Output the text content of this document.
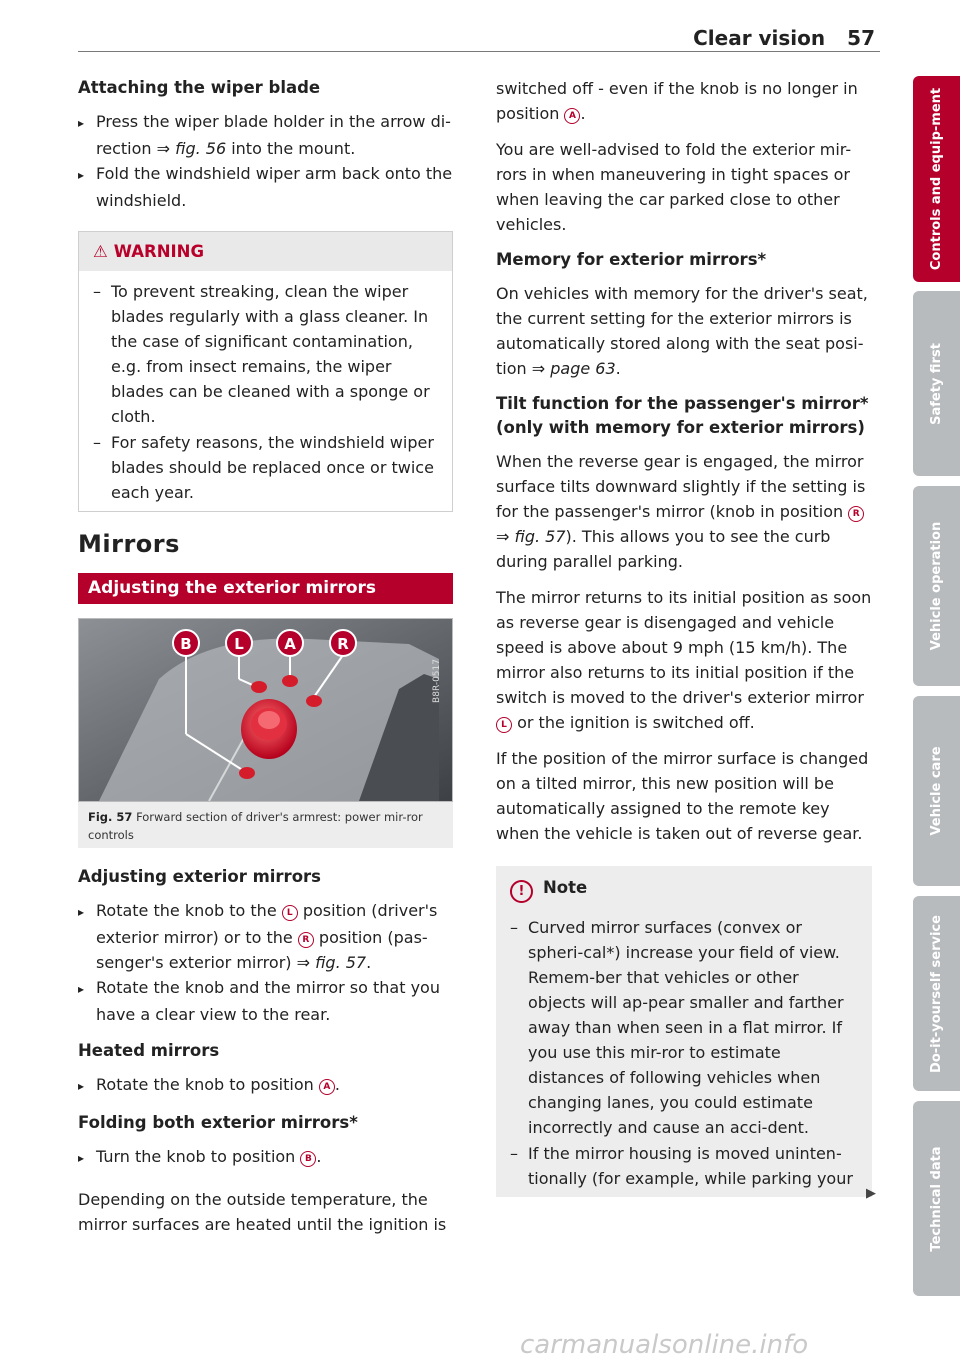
Clear vision 57
Attaching the wiper blade

▸ Press the wiper blade holder in the arrow di-rection ⇒ fig. 56 into the mount.

▸ Fold the windshield wiper arm back onto the windshield.

⚠ WARNING

– To prevent streaking, clean the wiper blades regularly with a glass cleaner. In the case of significant contamination, e.g. from insect remains, the wiper blades can be cleaned with a sponge or cloth.

– For safety reasons, the windshield wiper blades should be replaced once or twice each year.

Mirrors
Adjusting the exterior mirrors
B	L	A	R
B8R-0517
Fig. 57 Forward section of driver's armrest: power mir-ror controls
Adjusting exterior mirrors

▸ Rotate the knob to the L position (driver's exterior mirror) or to the R position (pas-senger's exterior mirror) ⇒ fig. 57.

▸ Rotate the knob and the mirror so that you have a clear view to the rear.

Heated mirrors

▸ Rotate the knob to position A .

Folding both exterior mirrors*

▸ Turn the knob to position B .

Depending on the outside temperature, the mirror surfaces are heated until the ignition is

switched off - even if the knob is no longer in position A .

You are well-advised to fold the exterior mir-rors in when maneuvering in tight spaces or when leaving the car parked close to other vehicles.

Memory for exterior mirrors*

On vehicles with memory for the driver's seat, the current setting for the exterior mirrors is automatically stored along with the seat posi-tion ⇒ page 63.

Tilt function for the passenger's mirror* (only with memory for exterior mirrors)

When the reverse gear is engaged, the mirror surface tilts downward slightly if the setting is for the passenger's mirror (knob in position R ⇒ fig. 57). This allows you to see the curb during parallel parking.

The mirror returns to its initial position as soon as reverse gear is disengaged and vehicle speed is above about 9 mph (15 km/h). The mirror also returns to its initial position if the switch is moved to the driver's exterior mirror L or the ignition is switched off.

If the position of the mirror surface is changed on a tilted mirror, this new position will be automatically assigned to the remote key when the vehicle is taken out of reverse gear.

! Note

– Curved mirror surfaces (convex or spheri-cal*) increase your field of view. Remem-ber that vehicles or other objects will ap-pear smaller and farther away than when seen in a flat mirror. If you use this mir-ror to estimate distances of following vehicles when changing lanes, you could estimate incorrectly and cause an acci-dent.

– If the mirror housing is moved uninten-tionally (for example, while parking your

▶
Controls and equip-ment
Safety first
Vehicle operation
Vehicle care
Do-it-yourself service
Technical data
carmanualsonline.info
